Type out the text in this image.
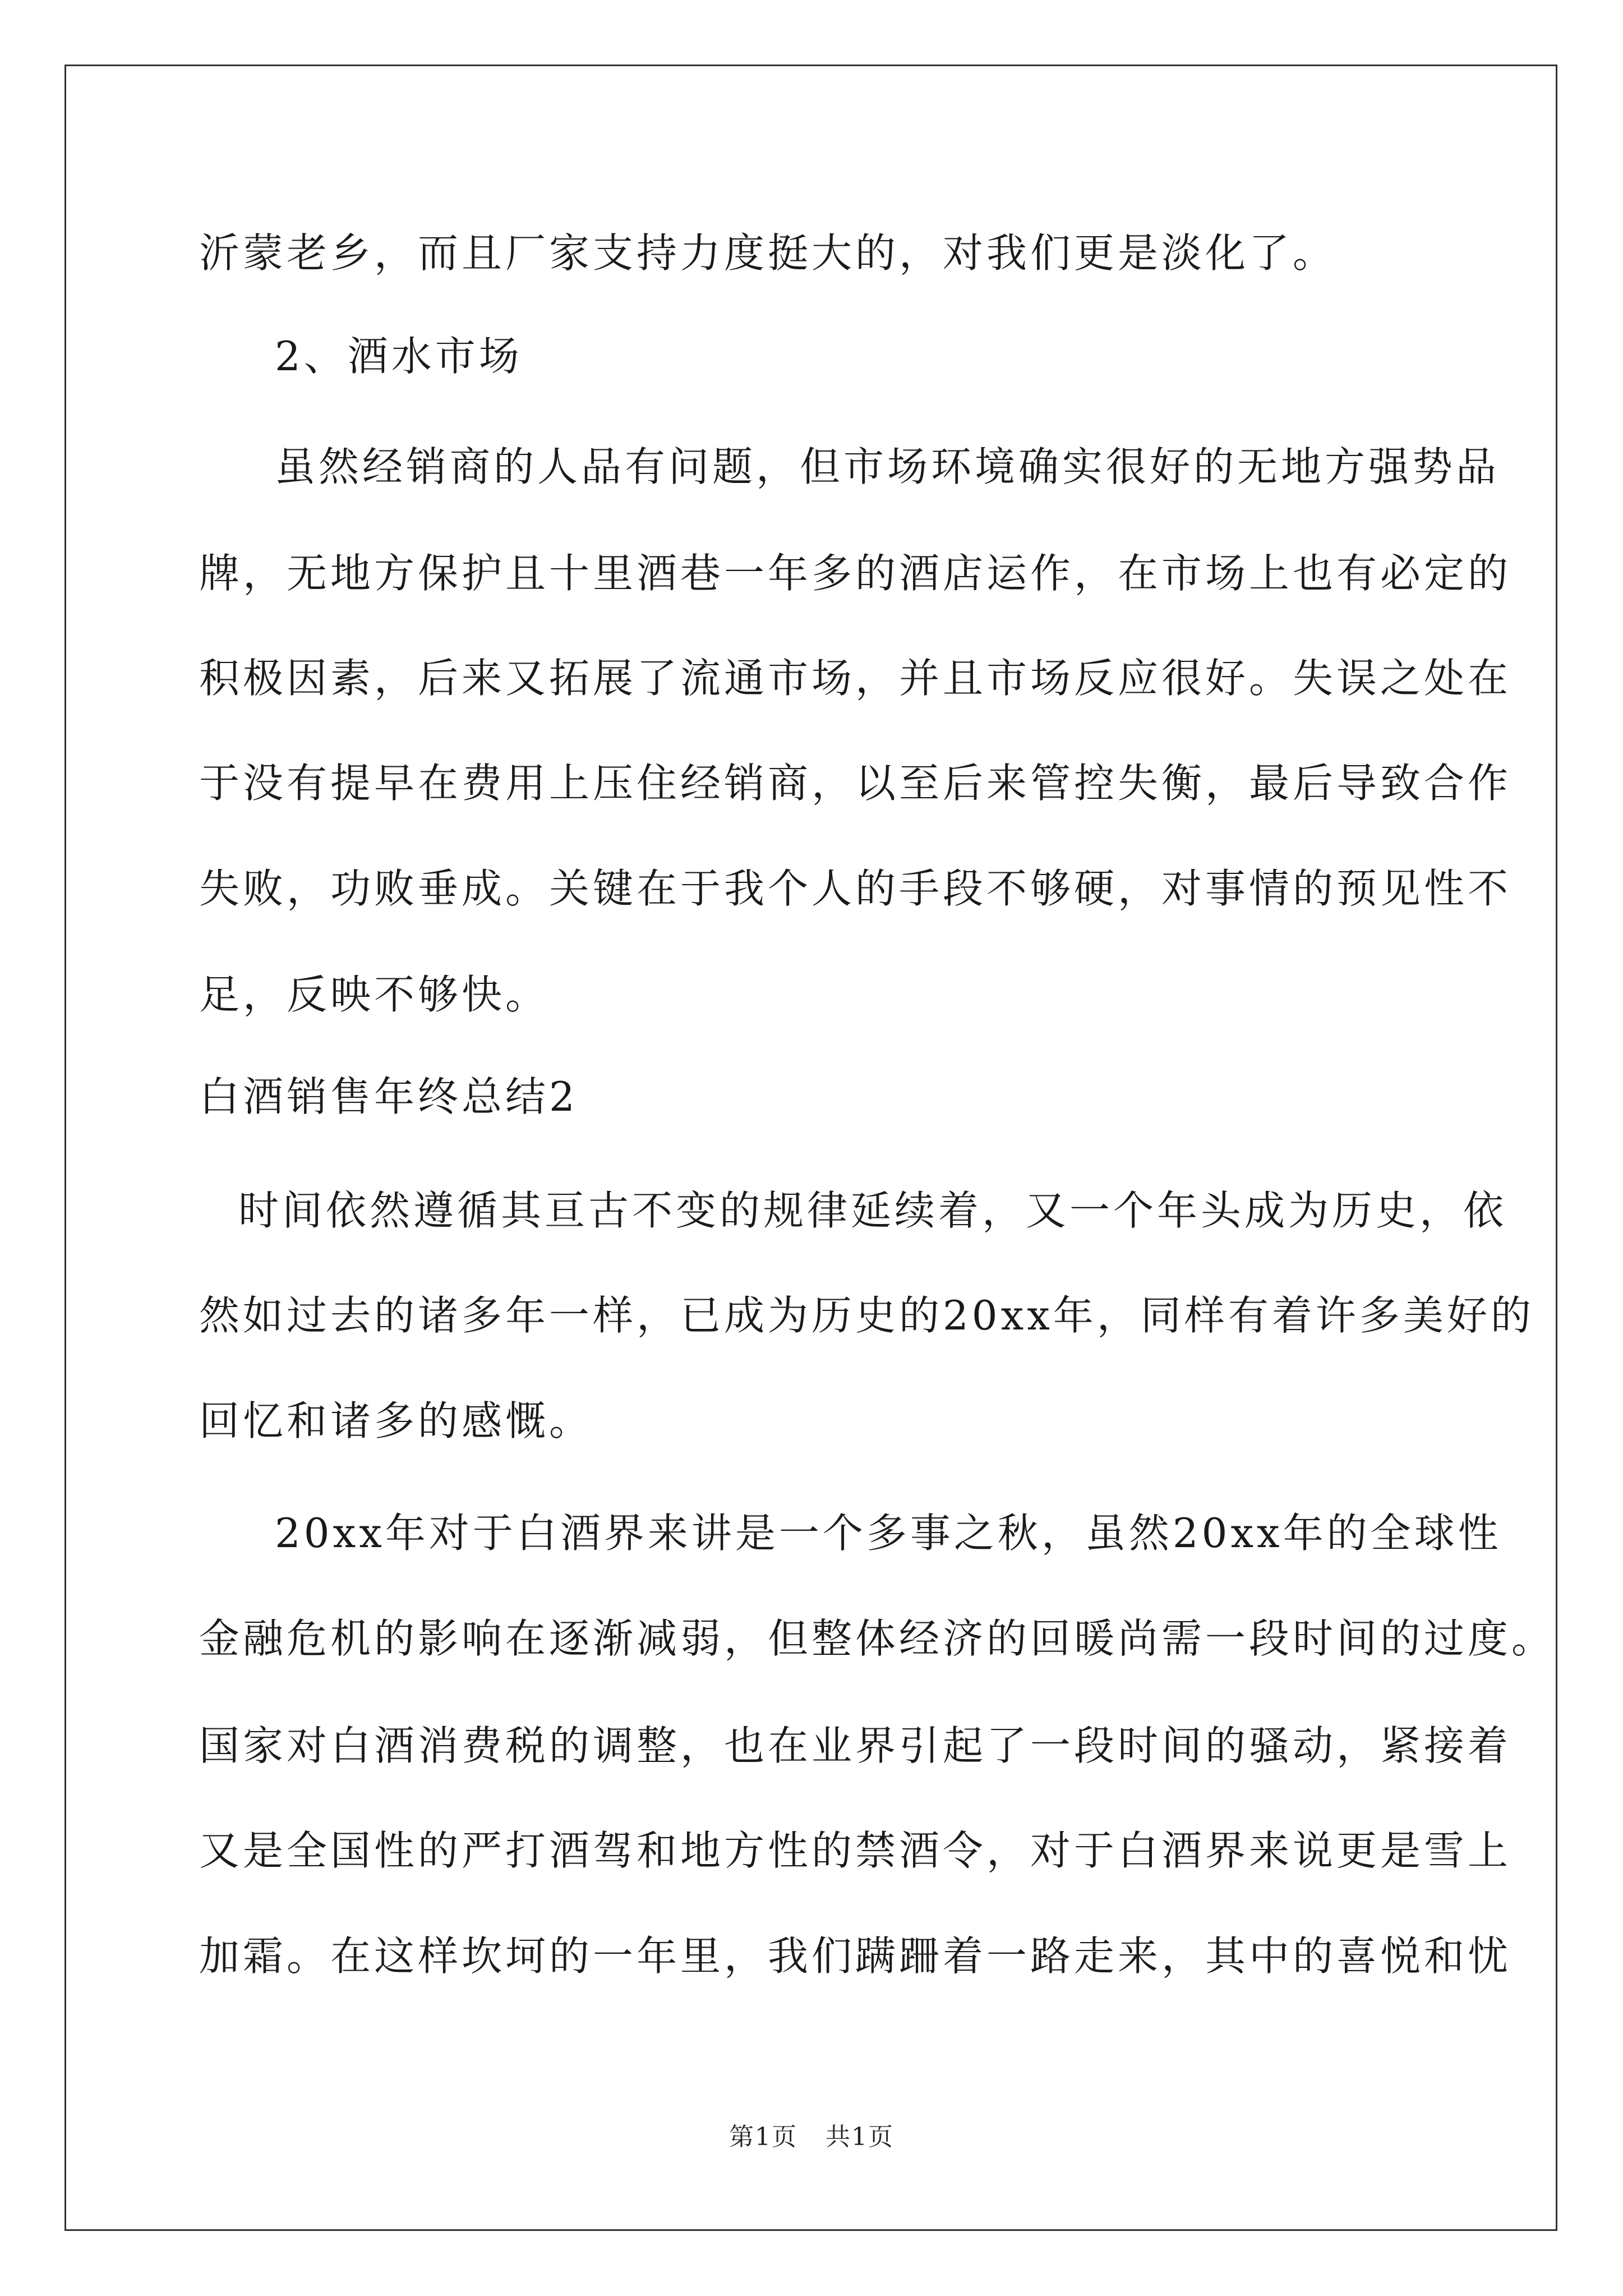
沂蒙老乡，而且厂家支持力度挺大的，对我们更是淡化了。
2、酒水市场
虽然经销商的人品有问题，但市场环境确实很好的无地方强势品
牌，无地方保护且十里酒巷一年多的酒店运作，在市场上也有必定的
积极因素，后来又拓展了流通市场，并且市场反应很好。失误之处在
于没有提早在费用上压住经销商，以至后来管控失衡，最后导致合作
失败，功败垂成。关键在于我个人的手段不够硬，对事情的预见性不
足，反映不够快。
白酒销售年终总结2
时间依然遵循其亘古不变的规律延续着，又一个年头成为历史，依
然如过去的诸多年一样，已成为历史的20xx年，同样有着许多美好的
回忆和诸多的感慨。
20xx年对于白酒界来讲是一个多事之秋，虽然20xx年的全球性
金融危机的影响在逐渐减弱，但整体经济的回暖尚需一段时间的过度。
国家对白酒消费税的调整，也在业界引起了一段时间的骚动，紧接着
又是全国性的严打酒驾和地方性的禁酒令，对于白酒界来说更是雪上
加霜。在这样坎坷的一年里，我们蹒跚着一路走来，其中的喜悦和忧
第1页 共1页
